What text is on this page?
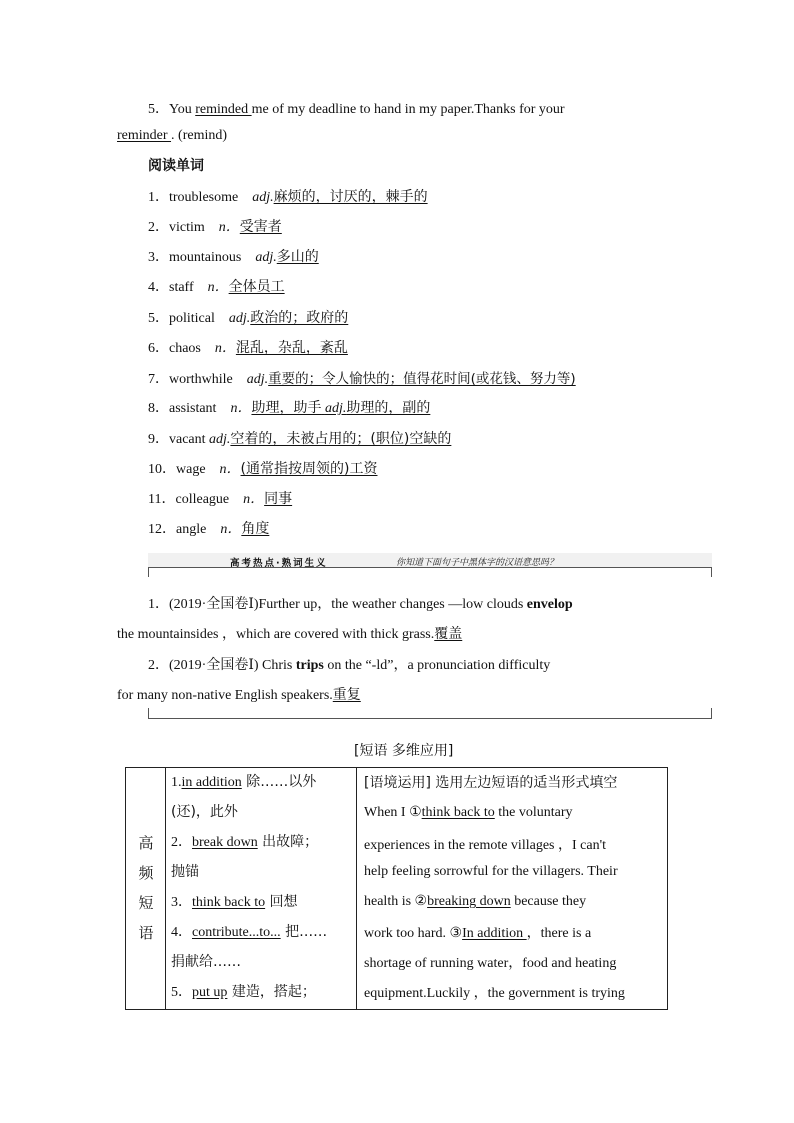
5．You reminded me of my deadline to hand in my paper.Thanks for your
reminder . (remind)
阅读单词
1．troublesome adj.麻烦的，讨厌的，棘手的
2．victim n．受害者
3．mountainous adj.多山的
4．staff n．全体员工
5．political adj.政治的；政府的
6．chaos n．混乱，杂乱，紊乱
7．worthwhile adj.重要的；令人愉快的；值得花时间(或花钱、努力等)
8．assistant n．助理，助手 adj.助理的，副的
9．vacant adj.空着的，未被占用的；(职位)空缺的
10．wage n．(通常指按周领的)工资
11．colleague n．同事
12．angle n．角度
高考热点·熟词生义	你知道下面句子中黑体字的汉语意思吗？
1．(2019·全国卷Ⅰ)Further up，the weather changes —low clouds envelop
the mountainsides ，which are covered with thick grass.覆盖
2．(2019·全国卷Ⅰ) Chris trips on the “-ld”，a pronunciation difficulty
for many non-native English speakers.重复
[短语 多维应用]
高
频
短
语
1.in addition 除……以外
(还)，此外
2．break down 出故障；
抛锚
3．think back to 回想
4．contribute...to... 把……
捐献给……
5．put up 建造，搭起；
[语境运用] 选用左边短语的适当形式填空
When I ①think back to the voluntary
experiences in the remote villages ，I can't
help feeling sorrowful for the villagers. Their
health is ②breaking down because they
work too hard. ③In addition ，there is a
shortage of running water，food and heating
equipment.Luckily ，the government is trying
